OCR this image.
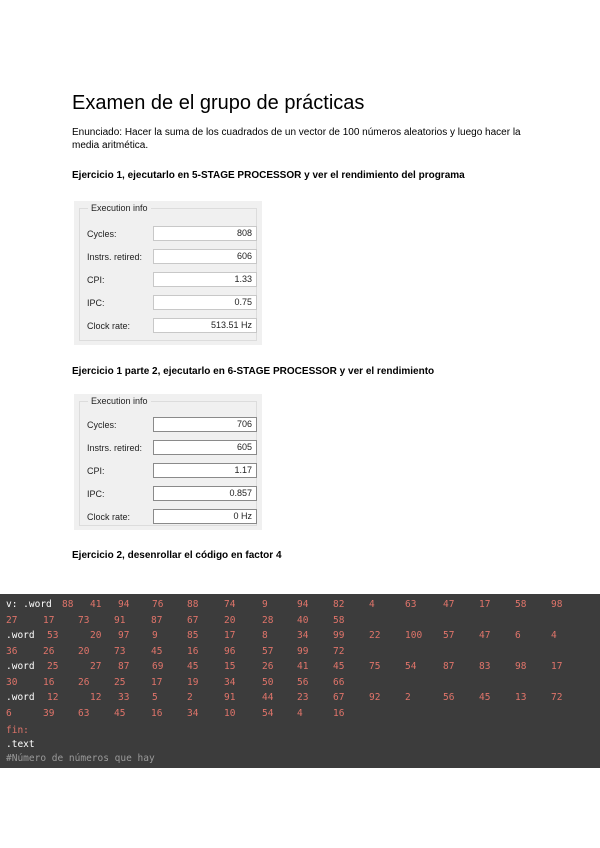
Examen de el grupo de prácticas

Enunciado: Hacer la suma de los cuadrados de un vector de 100 números aleatorios y luego hacer la media aritmética.

Ejercicio 1, ejecutarlo en 5-STAGE PROCESSOR y ver el rendimiento del programa

Execution info
Cycles:	808
Instrs. retired:	606
CPI:	1.33
IPC:	0.75
Clock rate:	513.51 Hz

Ejercicio 1 parte 2, ejecutarlo en 6-STAGE PROCESSOR y ver el rendimiento

Execution info
Cycles:	706
Instrs. retired:	605
CPI:	1.17
IPC:	0.857
Clock rate:	0 Hz

Ejercicio 2, desenrollar el código en factor 4

fin:
.text
#Número de números que hay
v: .word 88 41 94 76 88	74	9	94	82	4	63	47	17	58	98
27	17 73	91	87	67	20	28 40	58
.word 53	20 97 9	85	17	8	34	99	22	100 57	47	6	4
36	26 20	73	45	16	96	57 99	72
.word 25	27 87 69 45	15	26 41	45	75	54	87	83	98	17
30	16 26	25	17	19	34	50 56	66
.word 12	12 33 5	2	91	44 23	67	92	2	56	45	13	72
6	39 63	45	16	34	10	54 4	16
